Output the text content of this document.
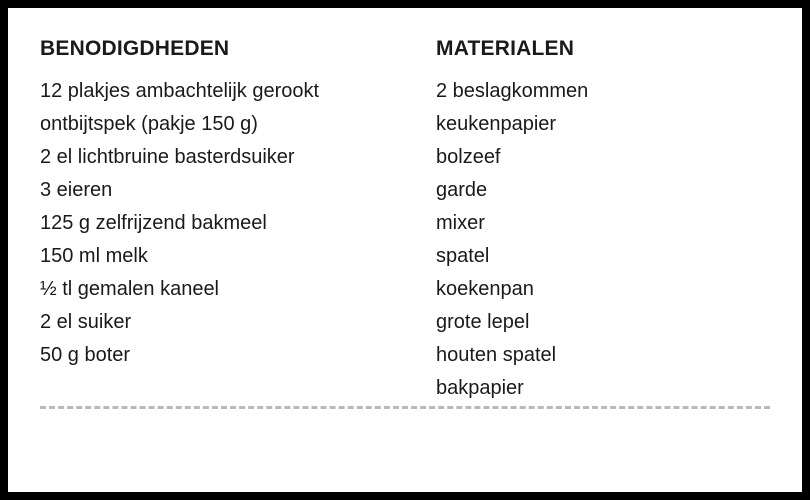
BENODIGDHEDEN
12 plakjes ambachtelijk gerookt
ontbijtspek (pakje 150 g)
2 el lichtbruine basterdsuiker
3 eieren
125 g zelfrijzend bakmeel
150 ml melk
½ tl gemalen kaneel
2 el suiker
50 g boter
MATERIALEN
2 beslagkommen
keukenpapier
bolzeef
garde
mixer
spatel
koekenpan
grote lepel
houten spatel
bakpapier
